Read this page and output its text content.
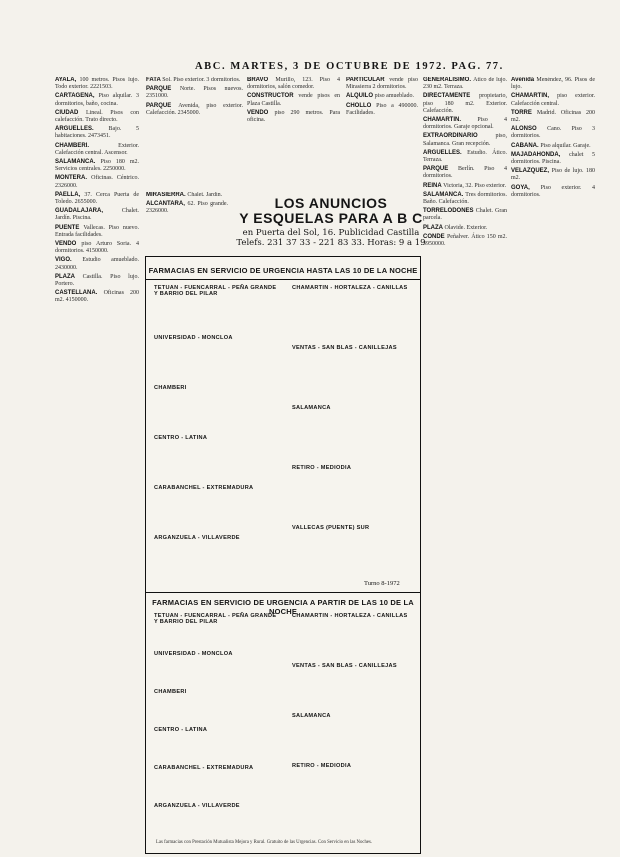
ABC. MARTES, 3 DE OCTUBRE DE 1972. PAG. 77.

AYALA, 100 metros. Pisos lujo. Todo exterior. 2221503.

CARTAGENA, Piso alquilar. 3 dormitorios, baño, cocina.

CIUDAD Lineal. Pisos con calefacción. Trato directo.

ARGUELLES. Bajo. 5 habitaciones. 2473451.

CHAMBERI. Exterior. Calefacción central. Ascensor.

SALAMANCA. Piso 180 m2. Servicios centrales. 2250000.

MONTERA. Oficinas. Céntrico. 2326000.

PAELLA, 37. Cerca Puerta de Toledo. 2655000.

GUADALAJARA, Chalet. Jardín. Piscina.

PUENTE Vallecas. Piso nuevo. Entrada facilidades.

VENDO piso Arturo Soria. 4 dormitorios. 4150000.

VIGO. Estudio amueblado. 2430000.

PLAZA Castilla. Piso lujo. Portero.

CASTELLANA. Oficinas 200 m2. 4150000.

FATA Sol. Piso exterior. 3 dormitorios.

PARQUE Norte. Pisos nuevos. 2351000.

PARQUE Avenida, piso exterior. Calefacción. 2345000.

BRAVO Murillo, 123. Piso 4 dormitorios, salón comedor.

CONSTRUCTOR vende pisos en Plaza Castilla.

VENDO piso 290 metros. Para oficina.

MIRASIERRA. Chalet. Jardín.

ALCANTARA, 62. Piso grande. 2326000.

PARTICULAR vende piso Mirasierra 2 dormitorios.

ALQUILO piso amueblado.

CHOLLO Piso a 490000. Facilidades.

GENERALISIMO. Ático de lujo. 230 m2. Terraza.

DIRECTAMENTE propietario, piso 180 m2. Exterior. Calefacción.

CHAMARTIN. Piso 4 dormitorios. Garaje opcional.

EXTRAORDINARIO piso, Salamanca. Gran recepción.

ARGUELLES. Estudio. Ático. Terraza.

PARQUE Berlín. Piso 4 dormitorios.

REINA Victoria, 32. Piso exterior.

SALAMANCA. Tres dormitorios. Baño. Calefacción.

TORRELODONES Chalet. Gran parcela.

PLAZA Olavide. Exterior.

CONDE Peñalver. Ático 150 m2. 3950000.

Avenida Menéndez, 96. Pisos de lujo.

CHAMARTIN, piso exterior. Calefacción central.

TORRE Madrid. Oficinas 200 m2.

ALONSO Cano. Piso 3 dormitorios.

CABANA. Piso alquilar. Garaje.

MAJADAHONDA, chalet 5 dormitorios. Piscina.

VELAZQUEZ, Piso de lujo. 180 m2.

GOYA, Piso exterior. 4 dormitorios.

LOS ANUNCIOS
Y ESQUELAS PARA A B C
en Puerta del Sol, 16. Publicidad Castilla Telefs. 231 37 33 - 221 83 33. Horas: 9 a 19
FARMACIAS EN SERVICIO DE URGENCIA HASTA LAS 10 DE LA NOCHE
TETUAN - FUENCARRAL - PEÑA GRANDE Y BARRIO DEL PILAR
UNIVERSIDAD - MONCLOA
CHAMBERI
CENTRO - LATINA
CARABANCHEL - EXTREMADURA
ARGANZUELA - VILLAVERDE
CHAMARTIN - HORTALEZA - CANILLAS
VENTAS - SAN BLAS - CANILLEJAS
SALAMANCA
RETIRO - MEDIODIA
VALLECAS (PUENTE) SUR
Turno 8-1972
FARMACIAS EN SERVICIO DE URGENCIA A PARTIR DE LAS 10 DE LA NOCHE
TETUAN - FUENCARRAL - PEÑA GRANDE Y BARRIO DEL PILAR
UNIVERSIDAD - MONCLOA
CHAMBERI
CENTRO - LATINA
CARABANCHEL - EXTREMADURA
ARGANZUELA - VILLAVERDE
CHAMARTIN - HORTALEZA - CANILLAS
VENTAS - SAN BLAS - CANILLEJAS
SALAMANCA
RETIRO - MEDIODIA
Las farmacias con Prestación Mutualista Mejora y Rural. Gratuito de las Urgencias. Con Servicio en las Noches.
